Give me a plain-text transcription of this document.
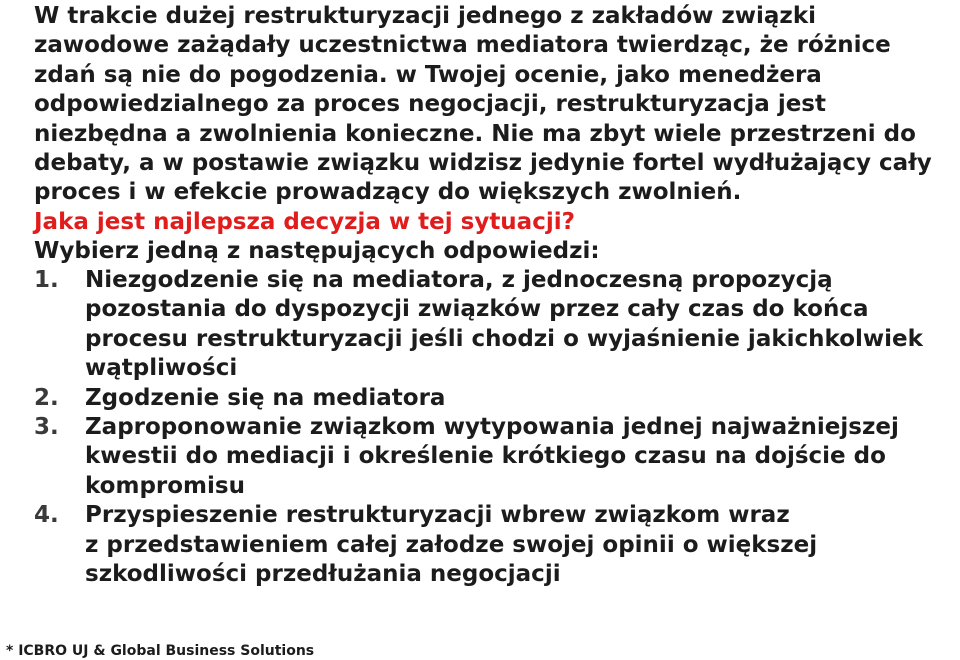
W trakcie dużej restrukturyzacji jednego z zakładów związki
zawodowe zażądały uczestnictwa mediatora twierdząc, że różnice
zdań są nie do pogodzenia. w Twojej ocenie, jako menedżera
odpowiedzialnego za proces negocjacji, restrukturyzacja jest
niezbędna a zwolnienia konieczne. Nie ma zbyt wiele przestrzeni do
debaty, a w postawie związku widzisz jedynie fortel wydłużający cały
proces i w efekcie prowadzący do większych zwolnień.
Jaka jest najlepsza decyzja w tej sytuacji?
Wybierz jedną z następujących odpowiedzi:
1.	Niezgodzenie się na mediatora, z jednoczesną propozycją
pozostania do dyspozycji związków przez cały czas do końca
procesu restrukturyzacji jeśli chodzi o wyjaśnienie jakichkolwiek
wątpliwości
2.	Zgodzenie się na mediatora
3.	Zaproponowanie związkom wytypowania jednej najważniejszej
kwestii do mediacji i określenie krótkiego czasu na dojście do
kompromisu
4.	Przyspieszenie restrukturyzacji wbrew związkom wraz
z przedstawieniem całej załodze swojej opinii o większej
szkodliwości przedłużania negocjacji
* ICBRO UJ & Global Business Solutions
